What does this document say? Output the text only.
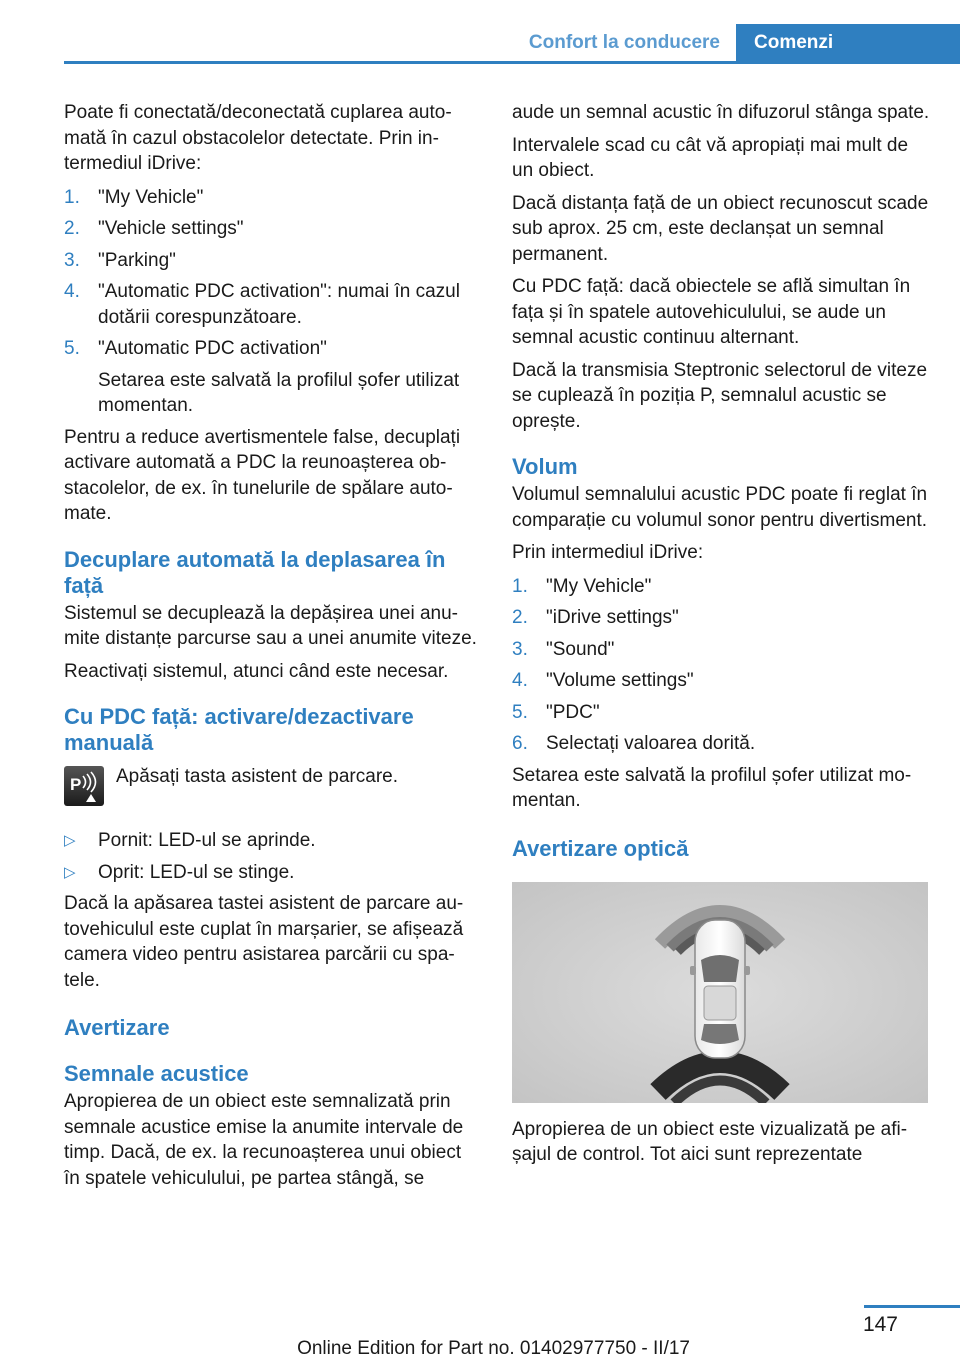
Confort la conducere	Comenzi

Poate fi conectată/deconectată cuplarea automată în cazul obstacolelor detectate. Prin intermediul iDrive:

1. "My Vehicle"
2. "Vehicle settings"
3. "Parking"
4. "Automatic PDC activation": numai în cazul dotării corespunzătoare.
5. "Automatic PDC activation"
Setarea este salvată la profilul șofer utilizat momentan.

Pentru a reduce avertismentele false, decuplați activare automată a PDC la reunoașterea obstacolelor, de ex. în tunelurile de spălare automate.

Decuplare automată la deplasarea în față

Sistemul se decuplează la depășirea unei anumite distanțe parcurse sau a unei anumite viteze.

Reactivați sistemul, atunci când este necesar.

Cu PDC față: activare/dezactivare manuală
P	Apăsați tasta asistent de parcare.

▷ Pornit: LED-ul se aprinde.
▷ Oprit: LED-ul se stinge.

Dacă la apăsarea tastei asistent de parcare autovehiculul este cuplat în marșarier, se afișează camera video pentru asistarea parcării cu spatele.

Avertizare
Semnale acustice

Apropierea de un obiect este semnalizată prin semnale acustice emise la anumite intervale de timp. Dacă, de ex. la recunoașterea unui obiect în spatele vehiculului, pe partea stângă, se

aude un semnal acustic în difuzorul stânga spate.

Intervalele scad cu cât vă apropiați mai mult de un obiect.

Dacă distanța față de un obiect recunoscut scade sub aprox. 25 cm, este declanșat un semnal permanent.

Cu PDC față: dacă obiectele se află simultan în fața și în spatele autovehiculului, se aude un semnal acustic continuu alternant.

Dacă la transmisia Steptronic selectorul de viteze se cuplează în poziția P, semnalul acustic se oprește.

Volum

Volumul semnalului acustic PDC poate fi reglat în comparație cu volumul sonor pentru divertisment.

Prin intermediul iDrive:

1. "My Vehicle"
2. "iDrive settings"
3. "Sound"
4. "Volume settings"
5. "PDC"
6. Selectați valoarea dorită.

Setarea este salvată la profilul șofer utilizat momentan.

Avertizare optică

Apropierea de un obiect este vizualizată pe afișajul de control. Tot aici sunt reprezentate

147
Online Edition for Part no. 01402977750 - II/17
